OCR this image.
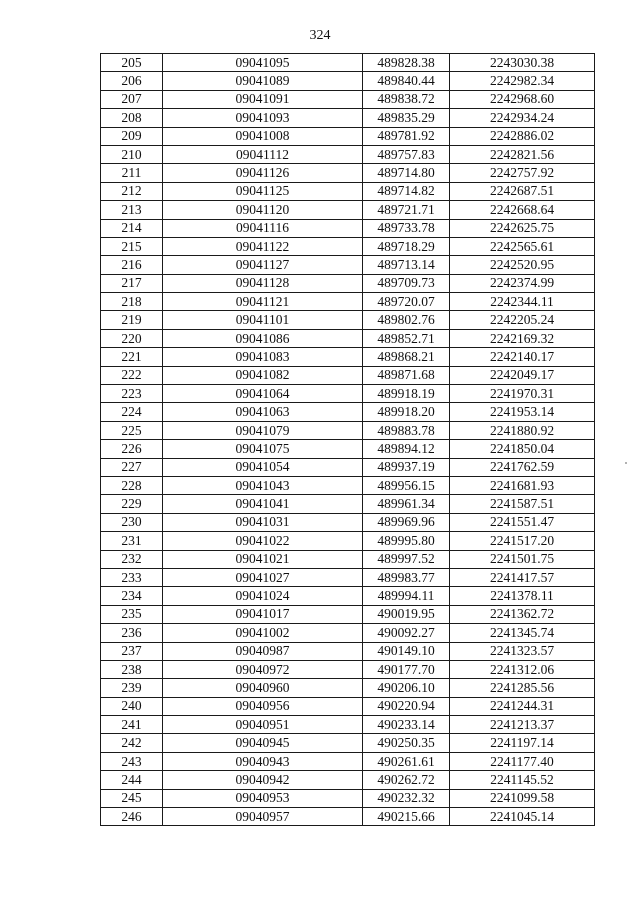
324
205	09041095	489828.38	2243030.38
206	09041089	489840.44	2242982.34
207	09041091	489838.72	2242968.60
208	09041093	489835.29	2242934.24
209	09041008	489781.92	2242886.02
210	09041112	489757.83	2242821.56
211	09041126	489714.80	2242757.92
212	09041125	489714.82	2242687.51
213	09041120	489721.71	2242668.64
214	09041116	489733.78	2242625.75
215	09041122	489718.29	2242565.61
216	09041127	489713.14	2242520.95
217	09041128	489709.73	2242374.99
218	09041121	489720.07	2242344.11
219	09041101	489802.76	2242205.24
220	09041086	489852.71	2242169.32
221	09041083	489868.21	2242140.17
222	09041082	489871.68	2242049.17
223	09041064	489918.19	2241970.31
224	09041063	489918.20	2241953.14
225	09041079	489883.78	2241880.92
226	09041075	489894.12	2241850.04
227	09041054	489937.19	2241762.59
228	09041043	489956.15	2241681.93
229	09041041	489961.34	2241587.51
230	09041031	489969.96	2241551.47
231	09041022	489995.80	2241517.20
232	09041021	489997.52	2241501.75
233	09041027	489983.77	2241417.57
234	09041024	489994.11	2241378.11
235	09041017	490019.95	2241362.72
236	09041002	490092.27	2241345.74
237	09040987	490149.10	2241323.57
238	09040972	490177.70	2241312.06
239	09040960	490206.10	2241285.56
240	09040956	490220.94	2241244.31
241	09040951	490233.14	2241213.37
242	09040945	490250.35	2241197.14
243	09040943	490261.61	2241177.40
244	09040942	490262.72	2241145.52
245	09040953	490232.32	2241099.58
246	09040957	490215.66	2241045.14
